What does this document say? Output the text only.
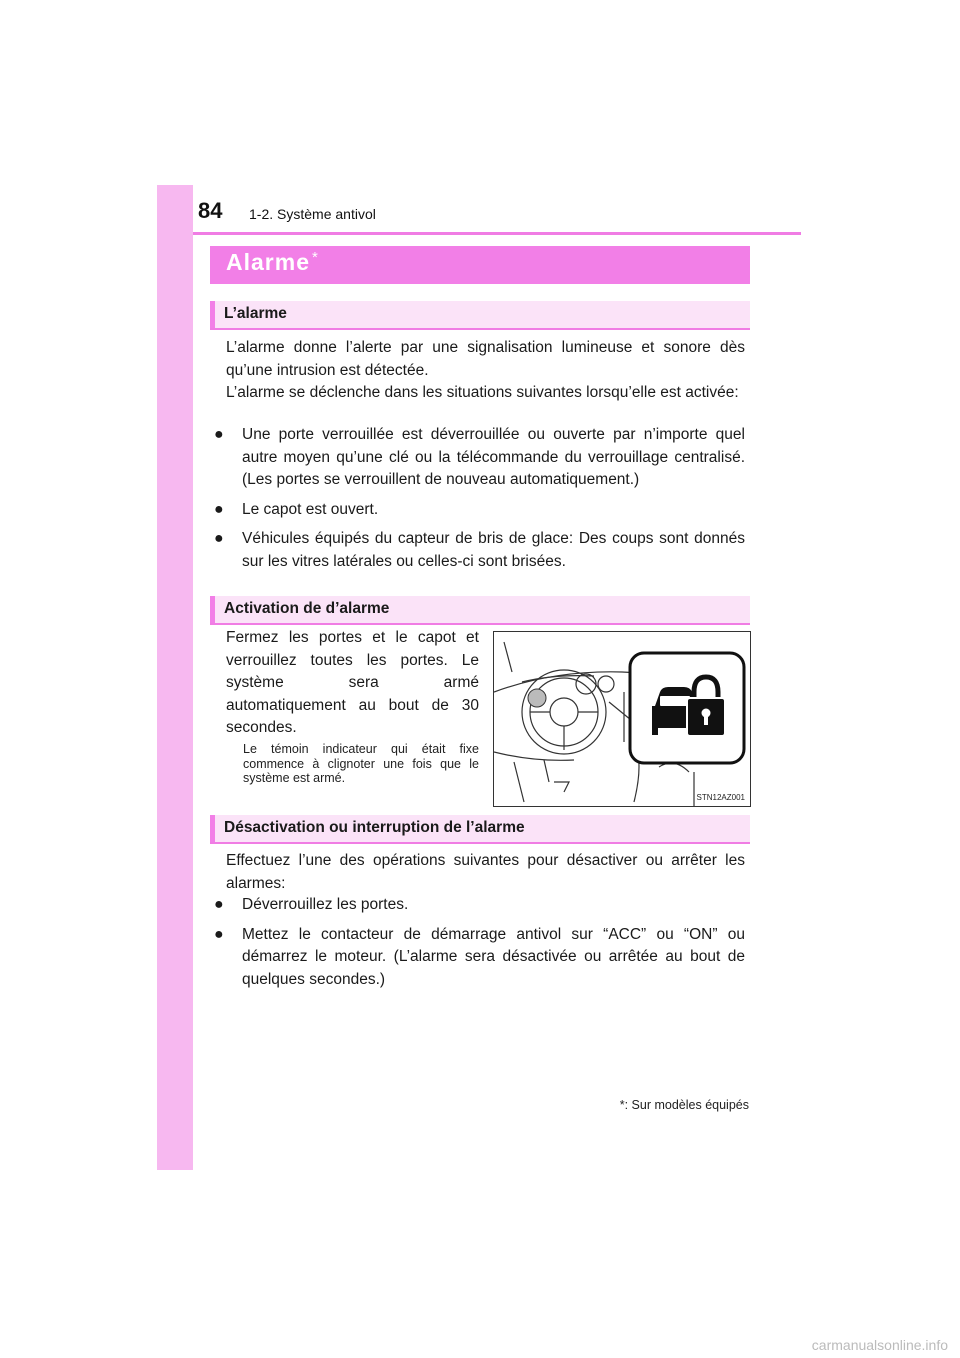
84 1-2. Système antivol
Alarme *
L’alarme
L’alarme donne l’alerte par une signalisation lumineuse et sonore dès qu’une intrusion est détectée.
L’alarme se déclenche dans les situations suivantes lorsqu’elle est activée:
● Une porte verrouillée est déverrouillée ou ouverte par n’importe quel autre moyen qu’une clé ou la télécommande du verrouillage centralisé. (Les portes se verrouillent de nouveau automatiquement.)
● Le capot est ouvert.
● Véhicules équipés du capteur de bris de glace: Des coups sont donnés sur les vitres latérales ou celles-ci sont brisées.
Activation de d’alarme
Fermez les portes et le capot et verrouillez toutes les portes. Le système sera armé automatiquement au bout de 30 secondes.
Le témoin indicateur qui était fixe commence à clignoter une fois que le système est armé.
STN12AZ001
Désactivation ou interruption de l’alarme
Effectuez l’une des opérations suivantes pour désactiver ou arrêter les alarmes:
● Déverrouillez les portes.
● Mettez le contacteur de démarrage antivol sur “ACC” ou “ON” ou démarrez le moteur. (L’alarme sera désactivée ou arrêtée au bout de quelques secondes.)
*: Sur modèles équipés
carmanualsonline.info
